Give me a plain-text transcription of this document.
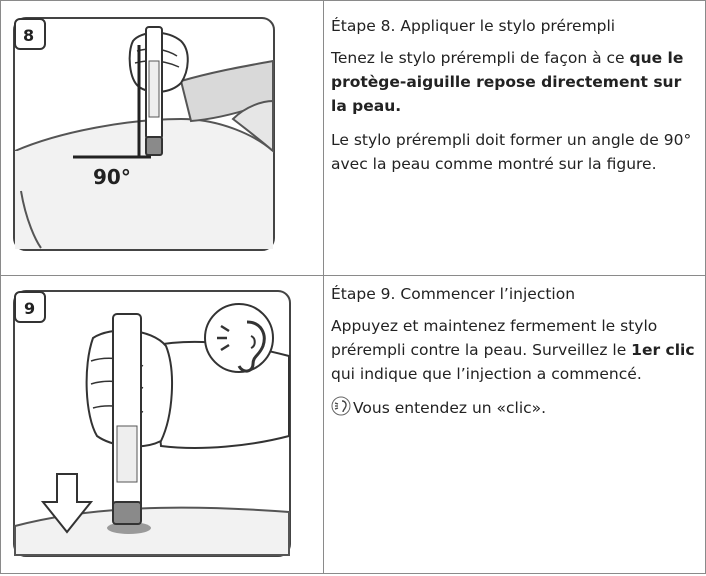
90°
8	Étape 8. Appliquer le stylo prérempli

Tenez le stylo prérempli de façon à ce que le protège-aiguille repose directement sur la peau.

Le stylo prérempli doit former un angle de 90° avec la peau comme montré sur la figure.

9

Étape 9. Commencer l’injection

Appuyez et maintenez fermement le stylo prérempli contre la peau. Surveillez le 1er clic qui indique que l’injection a commencé.

Vous entendez un «clic».
